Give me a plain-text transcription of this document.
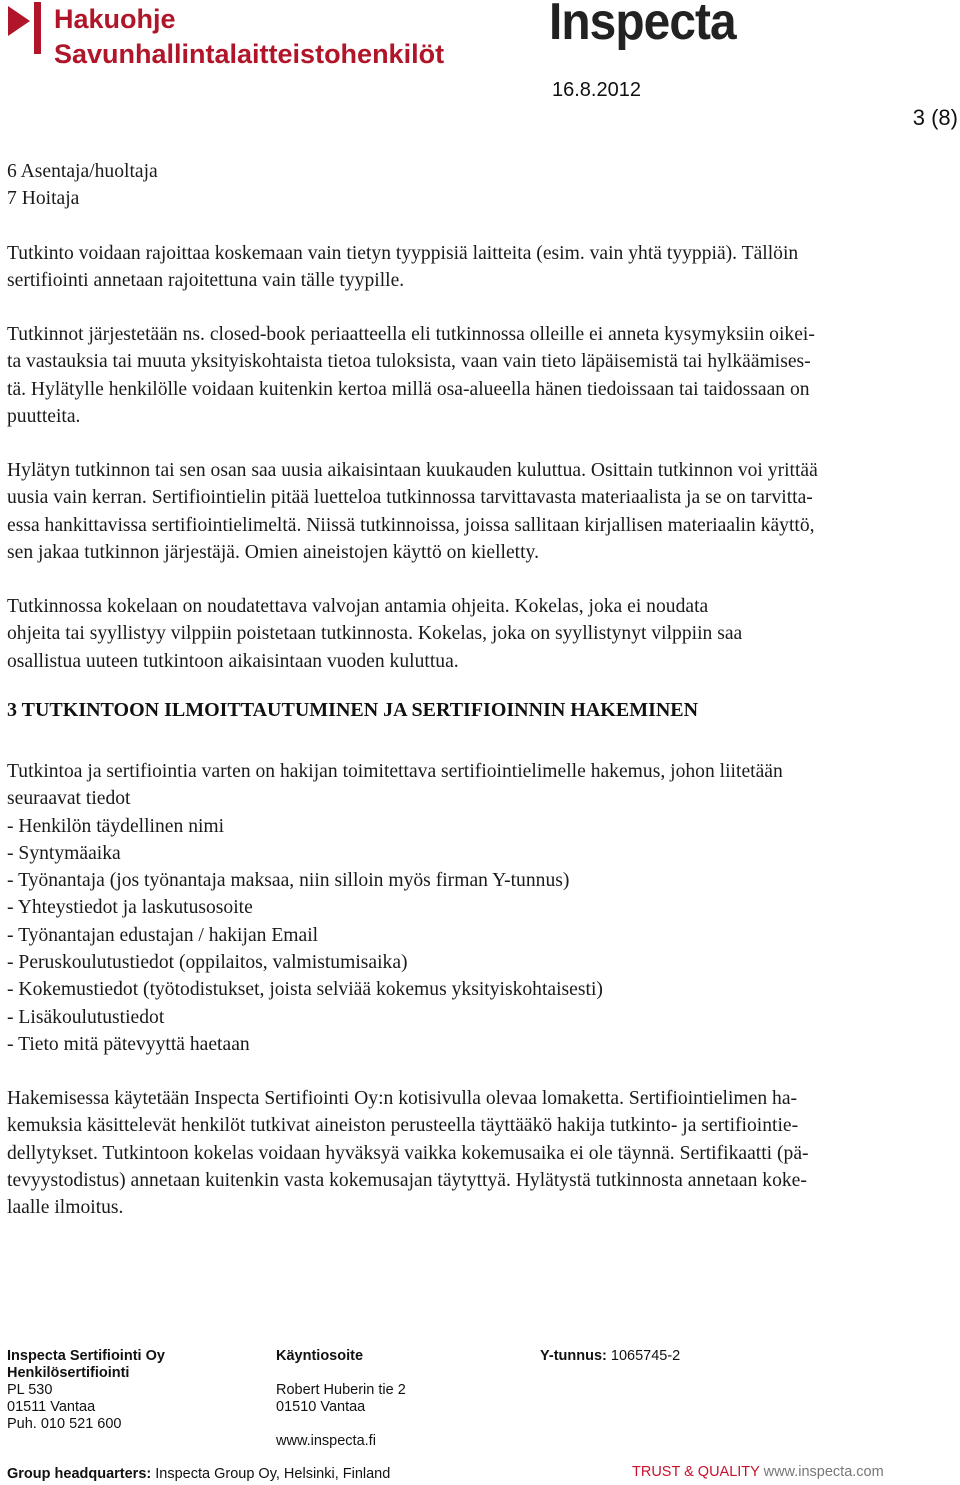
Hakuohje
Savunhallintalaitteistohenkilöt
Inspecta
16.8.2012
3 (8)
6 Asentaja/huoltaja
7 Hoitaja
Tutkinto voidaan rajoittaa koskemaan vain tietyn tyyppisiä laitteita (esim. vain yhtä tyyppiä). Tällöin
sertifiointi annetaan rajoitettuna vain tälle tyypille.
Tutkinnot järjestetään ns. closed-book periaatteella eli tutkinnossa olleille ei anneta kysymyksiin oikei-
ta vastauksia tai muuta yksityiskohtaista tietoa tuloksista, vaan vain tieto läpäisemistä tai hylkäämises-
tä. Hylätylle henkilölle voidaan kuitenkin kertoa millä osa-alueella hänen tiedoissaan tai taidossaan on
puutteita.
Hylätyn tutkinnon tai sen osan saa uusia aikaisintaan kuukauden kuluttua. Osittain tutkinnon voi yrittää
uusia vain kerran. Sertifiointielin pitää luetteloa tutkinnossa tarvittavasta materiaalista ja se on tarvitta-
essa hankittavissa sertifiointielimeltä. Niissä tutkinnoissa, joissa sallitaan kirjallisen materiaalin käyttö,
sen jakaa tutkinnon järjestäjä. Omien aineistojen käyttö on kielletty.
Tutkinnossa kokelaan on noudatettava valvojan antamia ohjeita. Kokelas, joka ei noudata
ohjeita tai syyllistyy vilppiin poistetaan tutkinnosta. Kokelas, joka on syyllistynyt vilppiin saa
osallistua uuteen tutkintoon aikaisintaan vuoden kuluttua.
3 TUTKINTOON ILMOITTAUTUMINEN JA SERTIFIOINNIN HAKEMINEN
Tutkintoa ja sertifiointia varten on hakijan toimitettava sertifiointielimelle hakemus, johon liitetään
seuraavat tiedot
- Henkilön täydellinen nimi
- Syntymäaika
- Työnantaja (jos työnantaja maksaa, niin silloin myös firman Y-tunnus)
- Yhteystiedot ja laskutusosoite
- Työnantajan edustajan / hakijan Email
- Peruskoulutustiedot (oppilaitos, valmistumisaika)
- Kokemustiedot (työtodistukset, joista selviää kokemus yksityiskohtaisesti)
- Lisäkoulutustiedot
- Tieto mitä pätevyyttä haetaan
Hakemisessa käytetään Inspecta Sertifiointi Oy:n kotisivulla olevaa lomaketta. Sertifiointielimen ha-
kemuksia käsittelevät henkilöt tutkivat aineiston perusteella täyttääkö hakija tutkinto- ja sertifiointie-
dellytykset. Tutkintoon kokelas voidaan hyväksyä vaikka kokemusaika ei ole täynnä. Sertifikaatti (pä-
tevyystodistus) annetaan kuitenkin vasta kokemusajan täytyttyä. Hylätystä tutkinnosta annetaan koke-
laalle ilmoitus.
Inspecta Sertifiointi Oy
Henkilösertifiointi
PL 530
01511 Vantaa
Puh. 010 521 600
Käyntiosoite
Robert Huberin tie 2
01510 Vantaa
www.inspecta.fi
Y-tunnus: 1065745-2
Group headquarters: Inspecta Group Oy, Helsinki, Finland	TRUST & QUALITY www.inspecta.com
